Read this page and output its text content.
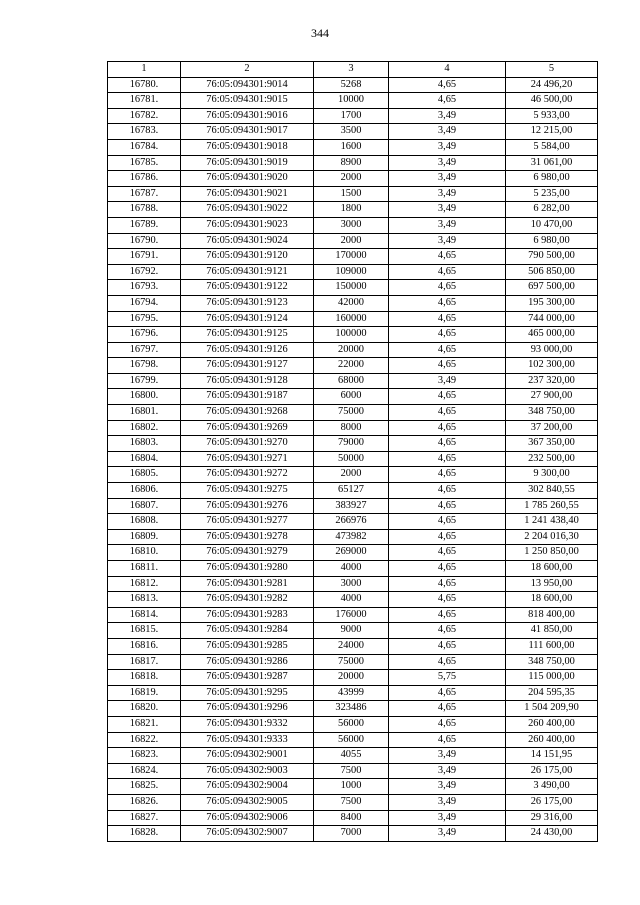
344
1	2	3	4	5
16780.	76:05:094301:9014	5268	4,65	24 496,20
16781.	76:05:094301:9015	10000	4,65	46 500,00
16782.	76:05:094301:9016	1700	3,49	5 933,00
16783.	76:05:094301:9017	3500	3,49	12 215,00
16784.	76:05:094301:9018	1600	3,49	5 584,00
16785.	76:05:094301:9019	8900	3,49	31 061,00
16786.	76:05:094301:9020	2000	3,49	6 980,00
16787.	76:05:094301:9021	1500	3,49	5 235,00
16788.	76:05:094301:9022	1800	3,49	6 282,00
16789.	76:05:094301:9023	3000	3,49	10 470,00
16790.	76:05:094301:9024	2000	3,49	6 980,00
16791.	76:05:094301:9120	170000	4,65	790 500,00
16792.	76:05:094301:9121	109000	4,65	506 850,00
16793.	76:05:094301:9122	150000	4,65	697 500,00
16794.	76:05:094301:9123	42000	4,65	195 300,00
16795.	76:05:094301:9124	160000	4,65	744 000,00
16796.	76:05:094301:9125	100000	4,65	465 000,00
16797.	76:05:094301:9126	20000	4,65	93 000,00
16798.	76:05:094301:9127	22000	4,65	102 300,00
16799.	76:05:094301:9128	68000	3,49	237 320,00
16800.	76:05:094301:9187	6000	4,65	27 900,00
16801.	76:05:094301:9268	75000	4,65	348 750,00
16802.	76:05:094301:9269	8000	4,65	37 200,00
16803.	76:05:094301:9270	79000	4,65	367 350,00
16804.	76:05:094301:9271	50000	4,65	232 500,00
16805.	76:05:094301:9272	2000	4,65	9 300,00
16806.	76:05:094301:9275	65127	4,65	302 840,55
16807.	76:05:094301:9276	383927	4,65	1 785 260,55
16808.	76:05:094301:9277	266976	4,65	1 241 438,40
16809.	76:05:094301:9278	473982	4,65	2 204 016,30
16810.	76:05:094301:9279	269000	4,65	1 250 850,00
16811.	76:05:094301:9280	4000	4,65	18 600,00
16812.	76:05:094301:9281	3000	4,65	13 950,00
16813.	76:05:094301:9282	4000	4,65	18 600,00
16814.	76:05:094301:9283	176000	4,65	818 400,00
16815.	76:05:094301:9284	9000	4,65	41 850,00
16816.	76:05:094301:9285	24000	4,65	111 600,00
16817.	76:05:094301:9286	75000	4,65	348 750,00
16818.	76:05:094301:9287	20000	5,75	115 000,00
16819.	76:05:094301:9295	43999	4,65	204 595,35
16820.	76:05:094301:9296	323486	4,65	1 504 209,90
16821.	76:05:094301:9332	56000	4,65	260 400,00
16822.	76:05:094301:9333	56000	4,65	260 400,00
16823.	76:05:094302:9001	4055	3,49	14 151,95
16824.	76:05:094302:9003	7500	3,49	26 175,00
16825.	76:05:094302:9004	1000	3,49	3 490,00
16826.	76:05:094302:9005	7500	3,49	26 175,00
16827.	76:05:094302:9006	8400	3,49	29 316,00
16828.	76:05:094302:9007	7000	3,49	24 430,00
